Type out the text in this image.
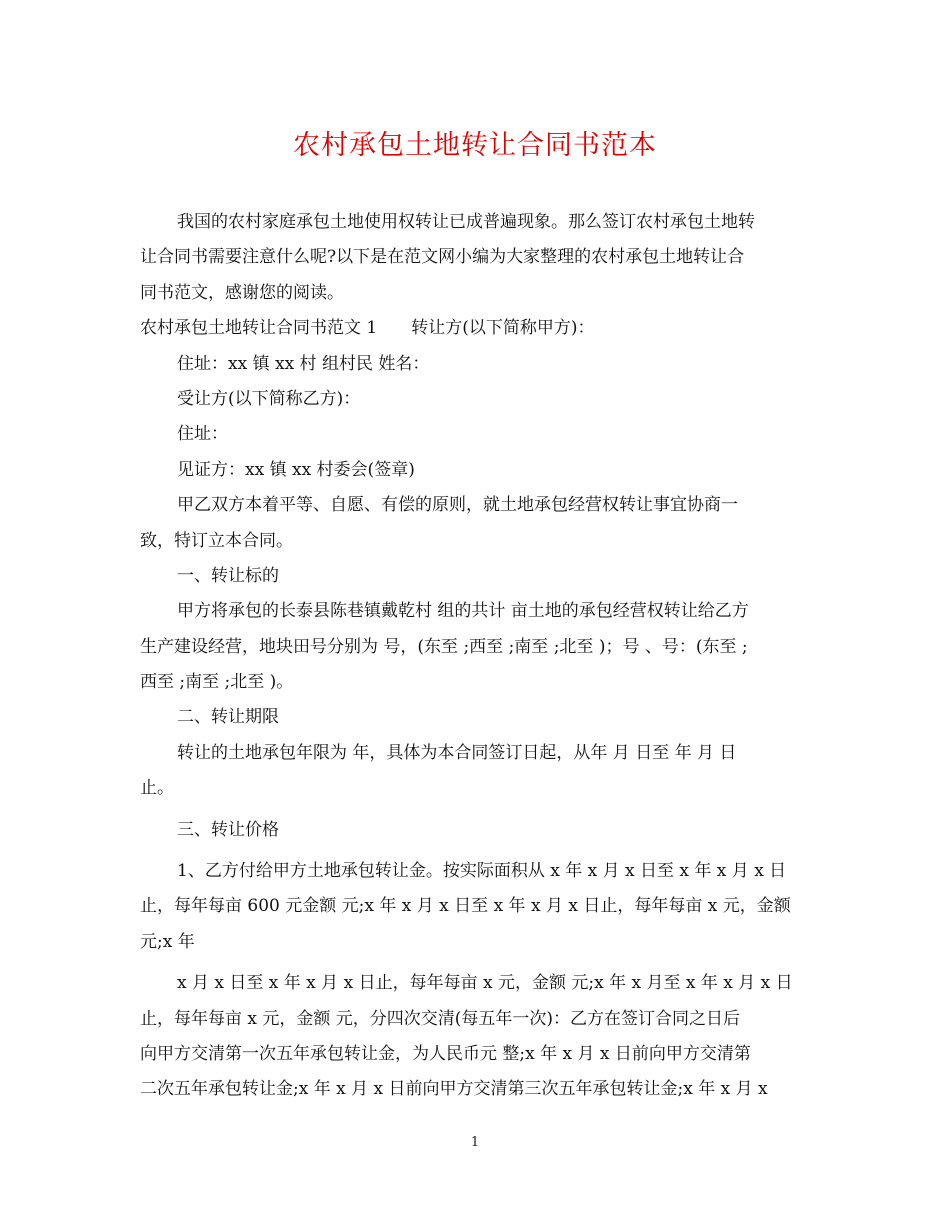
农村承包土地转让合同书范本
我国的农村家庭承包土地使用权转让已成普遍现象。那么签订农村承包土地转
让合同书需要注意什么呢?以下是在范文网小编为大家整理的农村承包土地转让合
同书范文，感谢您的阅读。
农村承包土地转让合同书范文 1 转让方(以下简称甲方)：
住址：xx 镇 xx 村 组村民 姓名：
受让方(以下简称乙方)：
住址：
见证方：xx 镇 xx 村委会(签章)
甲乙双方本着平等、自愿、有偿的原则，就土地承包经营权转让事宜协商一
致，特订立本合同。
一、转让标的
甲方将承包的长泰县陈巷镇戴乾村 组的共计 亩土地的承包经营权转让给乙方
生产建设经营，地块田号分别为 号，(东至 ;西至 ;南至 ;北至 )；号 、号：(东至 ;
西至 ;南至 ;北至 )。
二、转让期限
转让的土地承包年限为 年，具体为本合同签订日起，从年 月 日至 年 月 日
止。
三、转让价格
1、乙方付给甲方土地承包转让金。按实际面积从 x 年 x 月 x 日至 x 年 x 月 x 日
止，每年每亩 600 元金额 元;x 年 x 月 x 日至 x 年 x 月 x 日止，每年每亩 x 元，金额
元;x 年
x 月 x 日至 x 年 x 月 x 日止，每年每亩 x 元，金额 元;x 年 x 月至 x 年 x 月 x 日
止，每年每亩 x 元，金额 元，分四次交清(每五年一次)：乙方在签订合同之日后
向甲方交清第一次五年承包转让金，为人民币元 整;x 年 x 月 x 日前向甲方交清第
二次五年承包转让金;x 年 x 月 x 日前向甲方交清第三次五年承包转让金;x 年 x 月 x
1
